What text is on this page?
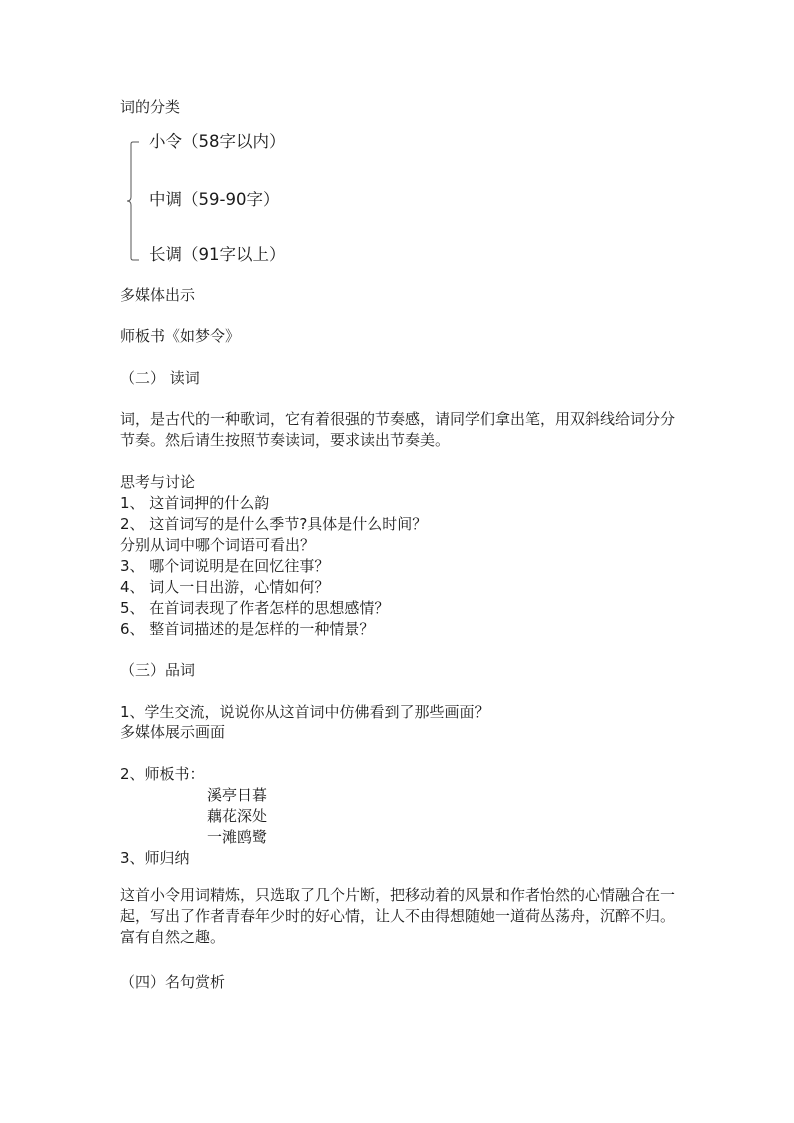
词的分类
小令（58字以内）
中调（59-90字）
长调（91字以上）
多媒体出示
师板书《如梦令》
（二） 读词
词，是古代的一种歌词，它有着很强的节奏感，请同学们拿出笔，用双斜线给词分分节奏。然后请生按照节奏读词，要求读出节奏美。
思考与讨论
1、 这首词押的什么韵
2、 这首词写的是什么季节?具体是什么时间？
分别从词中哪个词语可看出？
3、 哪个词说明是在回忆往事？
4、 词人一日出游，心情如何？
5、 在首词表现了作者怎样的思想感情？
6、 整首词描述的是怎样的一种情景？
（三）品词
1、学生交流，说说你从这首词中仿佛看到了那些画面？
多媒体展示画面
2、师板书：
溪亭日暮
藕花深处
一滩鸥鹭
3、师归纳
这首小令用词精炼，只选取了几个片断，把移动着的风景和作者怡然的心情融合在一起，写出了作者青春年少时的好心情，让人不由得想随她一道荷丛荡舟，沉醉不归。富有自然之趣。
（四）名句赏析
